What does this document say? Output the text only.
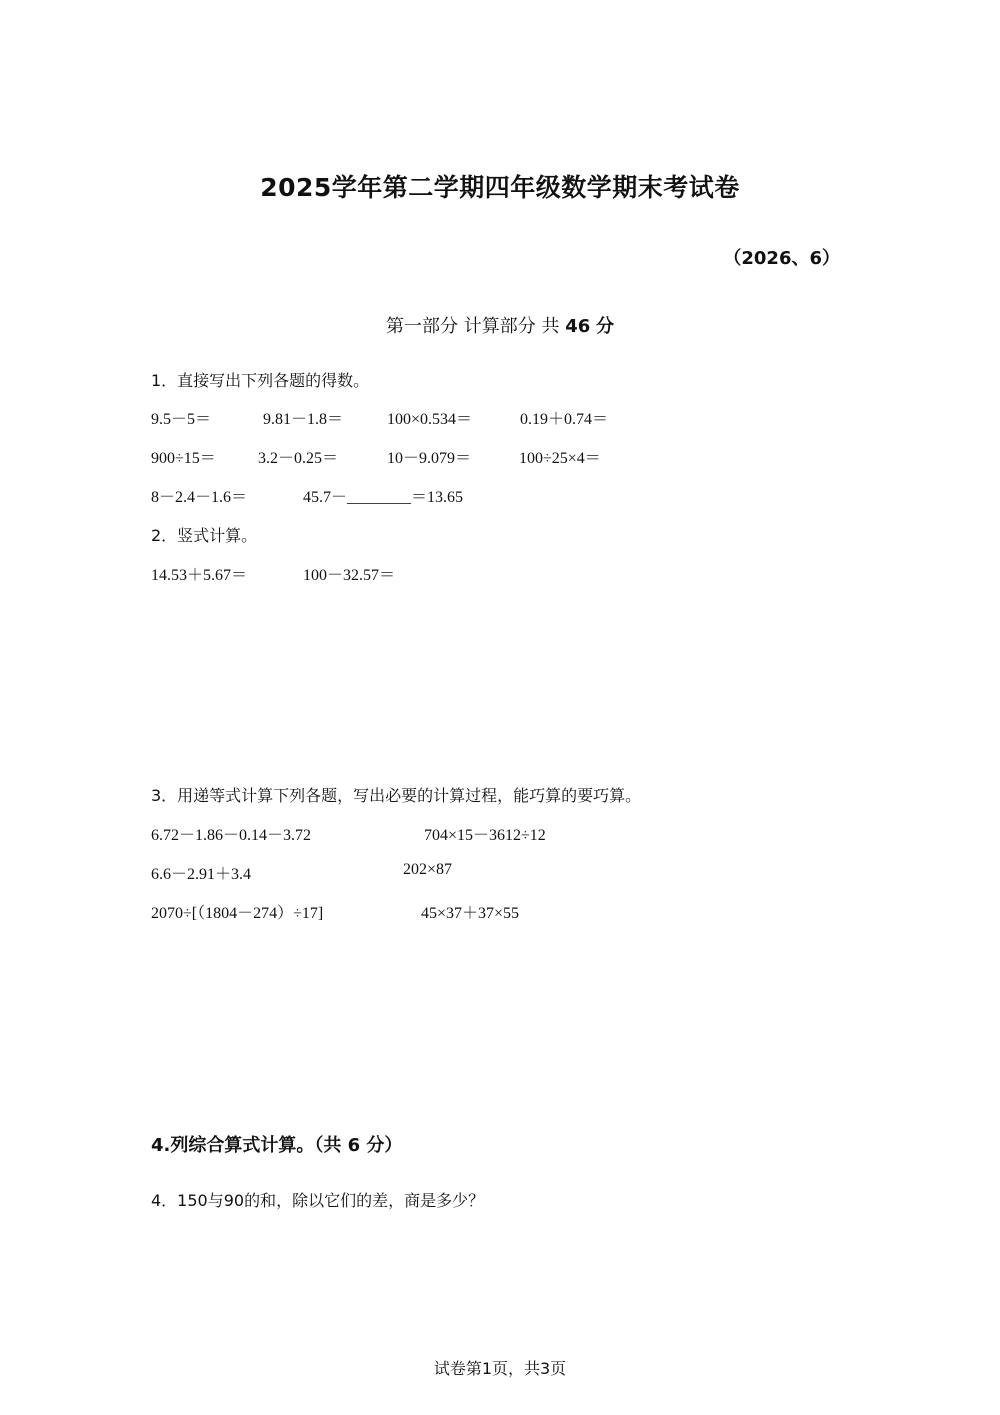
2025学年第二学期四年级数学期末考试卷
（2026、6）
第一部分 计算部分 共 46 分
1．直接写出下列各题的得数。
9.5－5＝	9.81－1.8＝	100×0.534＝	0.19＋0.74＝
900÷15＝	3.2－0.25＝	10－9.079＝	100÷25×4＝
8－2.4－1.6＝	45.7－________＝13.65
2．竖式计算。
14.53＋5.67＝	100－32.57＝
3．用递等式计算下列各题，写出必要的计算过程，能巧算的要巧算。
6.72－1.86－0.14－3.72	704×15－3612÷12
6.6－2.91＋3.4	202×87
2070÷[（1804－274）÷17]	45×37＋37×55
4.列综合算式计算。（共 6 分）
4．150与90的和，除以它们的差，商是多少？
试卷第1页，共3页
